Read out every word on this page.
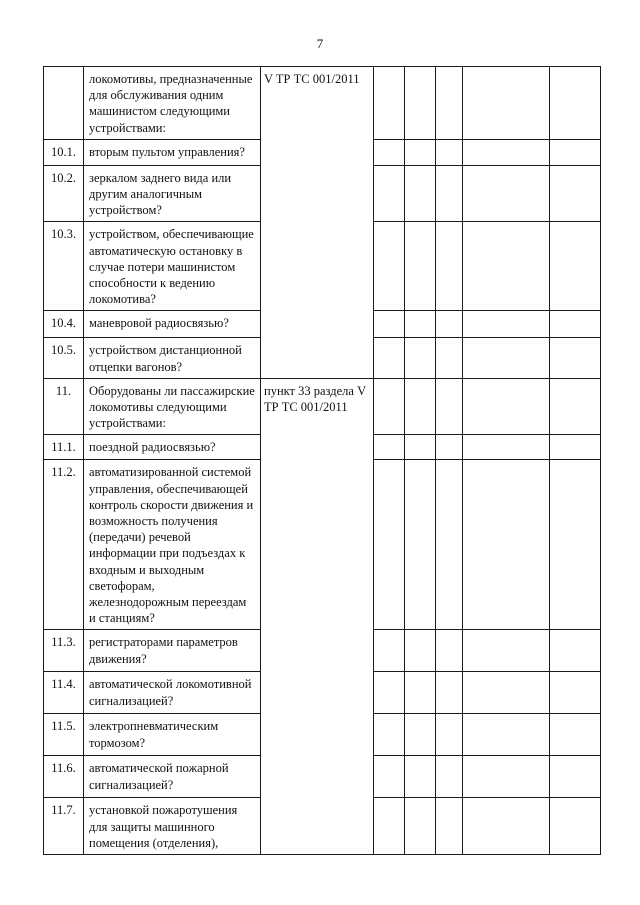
7
	локомотивы, предназначенные для обслуживания одним машинистом следующими устройствами:	V ТР ТС 001/2011					
10.1.	вторым пультом управления?						
10.2.	зеркалом заднего вида или другим аналогичным устройством?						
10.3.	устройством, обеспечивающие автоматическую остановку в случае потери машинистом способности к ведению локомотива?						
10.4.	маневровой радиосвязью?						
10.5.	устройством дистанционной отцепки вагонов?						
11.	Оборудованы ли пассажирские локомотивы следующими устройствами:	пункт 33 раздела V ТР ТС 001/2011					
11.1.	поездной радиосвязью?						
11.2.	автоматизированной системой управления, обеспечивающей контроль скорости движения и возможность получения (передачи) речевой информации при подъездах к входным и выходным светофорам, железнодорожным переездам и станциям?						
11.3.	регистраторами параметров движения?						
11.4.	автоматической локомотивной сигнализацией?						
11.5.	электропневматическим тормозом?						
11.6.	автоматической пожарной сигнализацией?						
11.7.	установкой пожаротушения для защиты машинного помещения (отделения),						
